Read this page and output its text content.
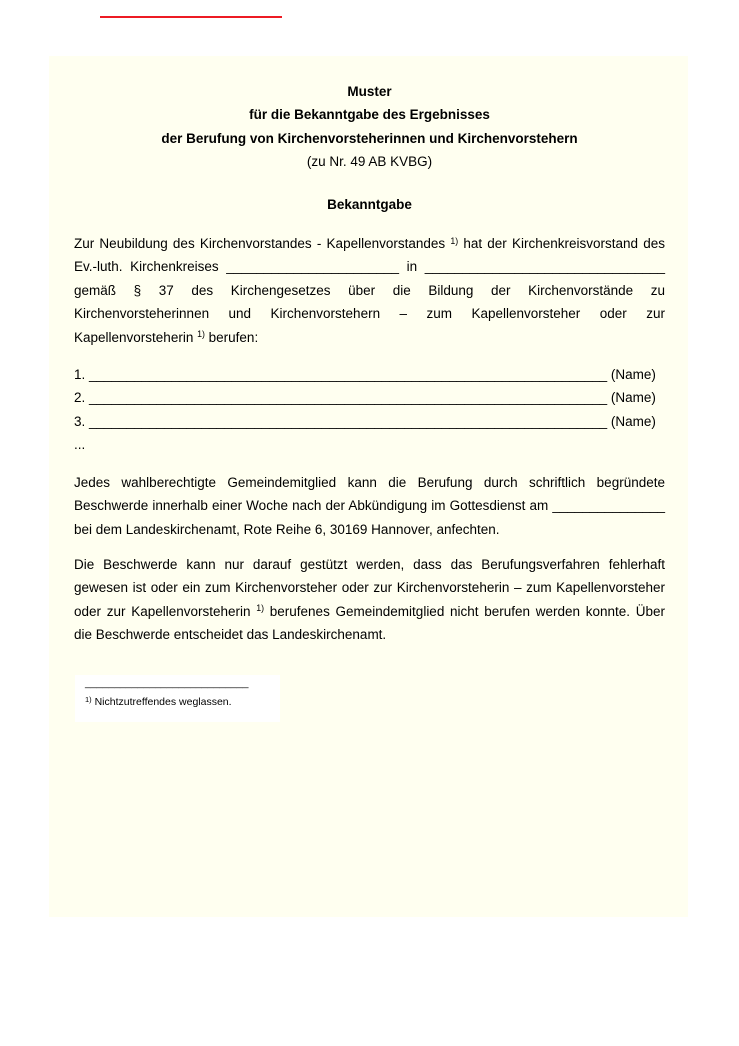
Muster
für die Bekanntgabe des Ergebnisses
der Berufung von Kirchenvorsteherinnen und Kirchenvorstehern
(zu Nr. 49 AB KVBG)
Bekanntgabe

Zur Neubildung des Kirchenvorstandes - Kapellenvorstandes $^{1)}$ hat der Kirchenkreisvorstand des Ev.-luth. Kirchenkreises _______________________ in ________________________________ gemäß § 37 des Kirchengesetzes über die Bildung der Kirchenvorstände zu Kirchenvorsteherinnen und Kirchenvorstehern – zum Kapellenvorsteher oder zur Kapellenvorsteherin $^{1)}$ berufen:

1. _____________________________________________________________________ (Name)
2. _____________________________________________________________________ (Name)
3. _____________________________________________________________________ (Name)
...

Jedes wahlberechtigte Gemeindemitglied kann die Berufung durch schriftlich begründete Beschwerde innerhalb einer Woche nach der Abkündigung im Gottesdienst am _______________ bei dem Landeskirchenamt, Rote Reihe 6, 30169 Hannover, anfechten.

Die Beschwerde kann nur darauf gestützt werden, dass das Berufungsverfahren fehlerhaft gewesen ist oder ein zum Kirchenvorsteher oder zur Kirchenvorsteherin – zum Kapellenvorsteher oder zur Kapellenvorsteherin $^{1)}$ berufenes Gemeindemitglied nicht berufen werden konnte. Über die Beschwerde entscheidet das Landeskirchenamt.

____________________________
$^{1)}$ Nichtzutreffendes weglassen.
